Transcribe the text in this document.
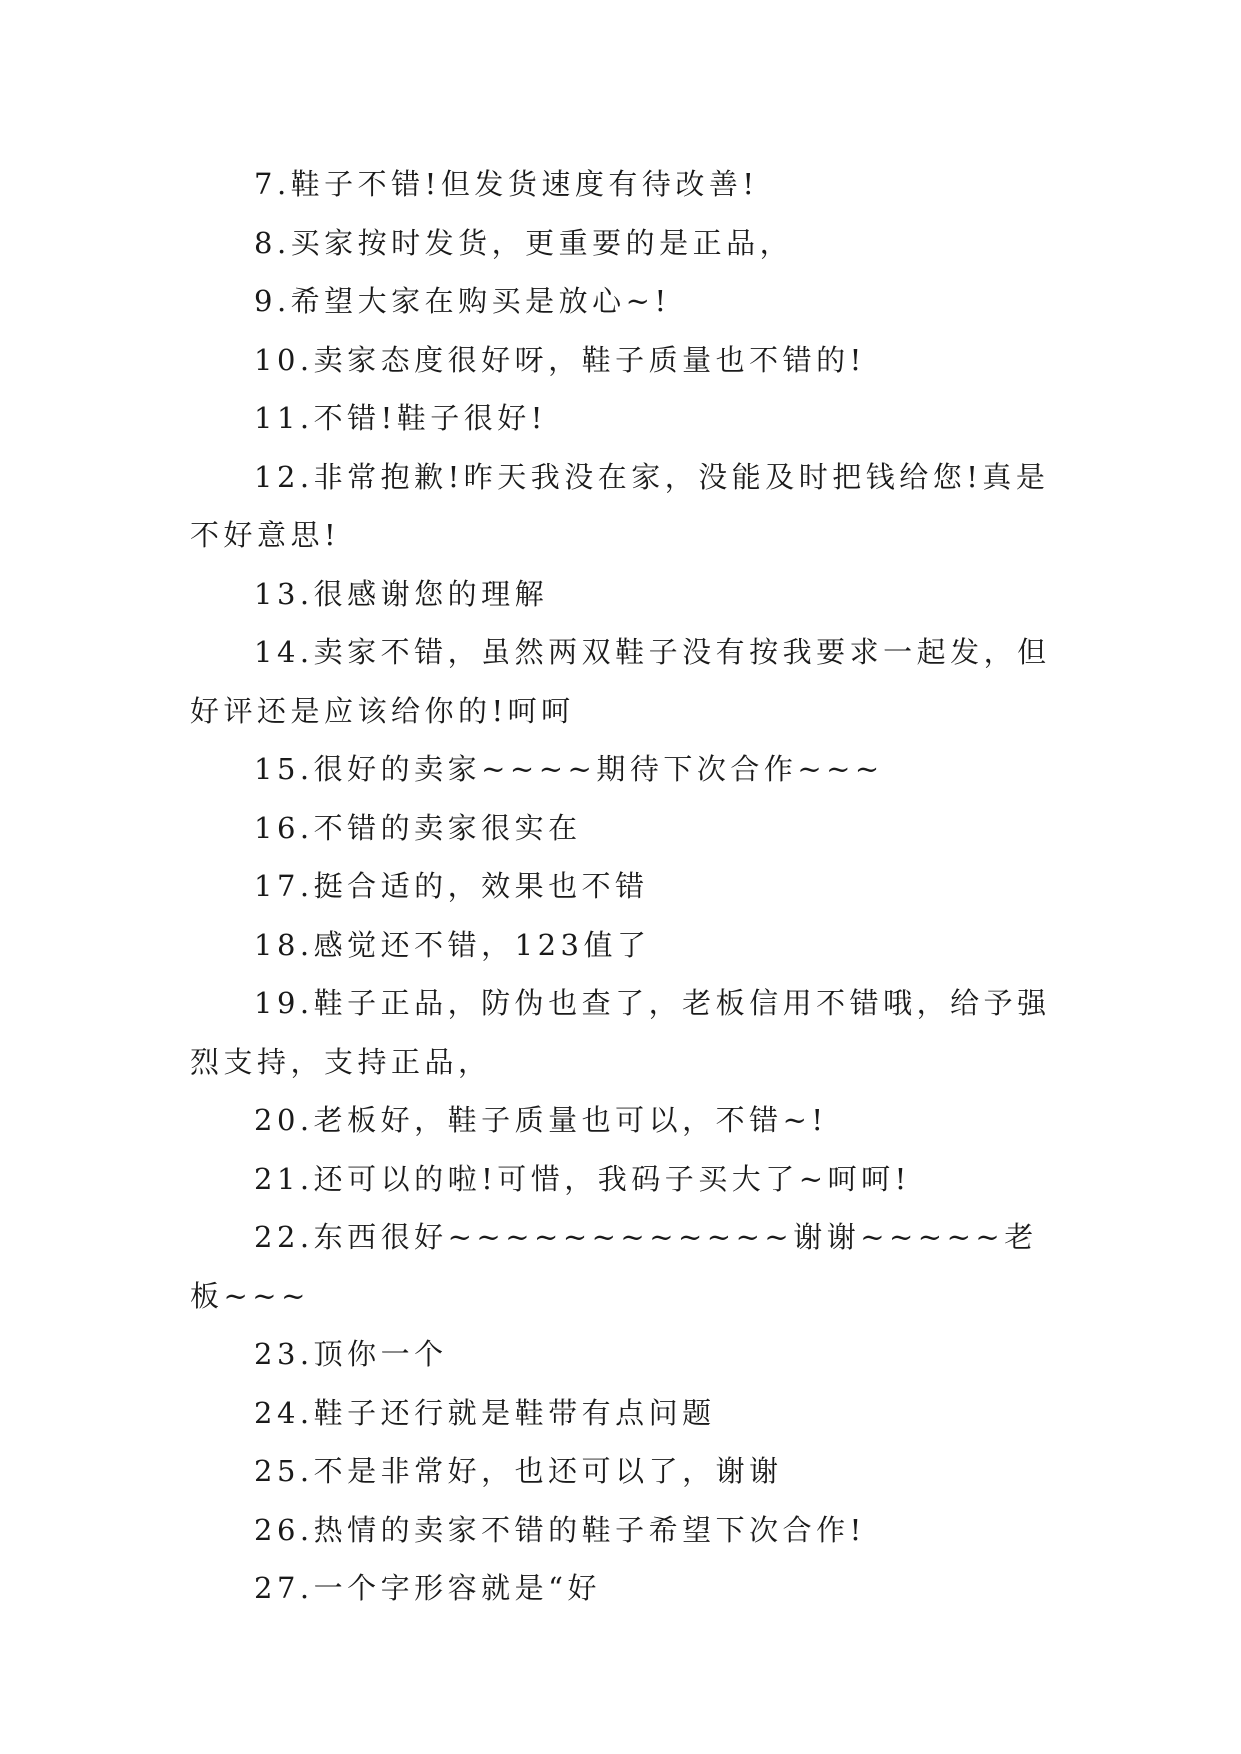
7.鞋子不错!但发货速度有待改善!

8.买家按时发货，更重要的是正品，

9.希望大家在购买是放心~!

10.卖家态度很好呀，鞋子质量也不错的!

11.不错!鞋子很好!

12.非常抱歉!昨天我没在家，没能及时把钱给您!真是不好意思!

13.很感谢您的理解

14.卖家不错，虽然两双鞋子没有按我要求一起发，但好评还是应该给你的!呵呵

15.很好的卖家~~~~期待下次合作~~~

16.不错的卖家很实在

17.挺合适的，效果也不错

18.感觉还不错，123值了

19.鞋子正品，防伪也查了，老板信用不错哦，给予强烈支持，支持正品，

20.老板好，鞋子质量也可以，不错~!

21.还可以的啦!可惜，我码子买大了~呵呵!

22.东西很好~~~~~~~~~~~~谢谢~~~~~老板~~~

23.顶你一个

24.鞋子还行就是鞋带有点问题

25.不是非常好，也还可以了，谢谢

26.热情的卖家不错的鞋子希望下次合作!

27.一个字形容就是“好
